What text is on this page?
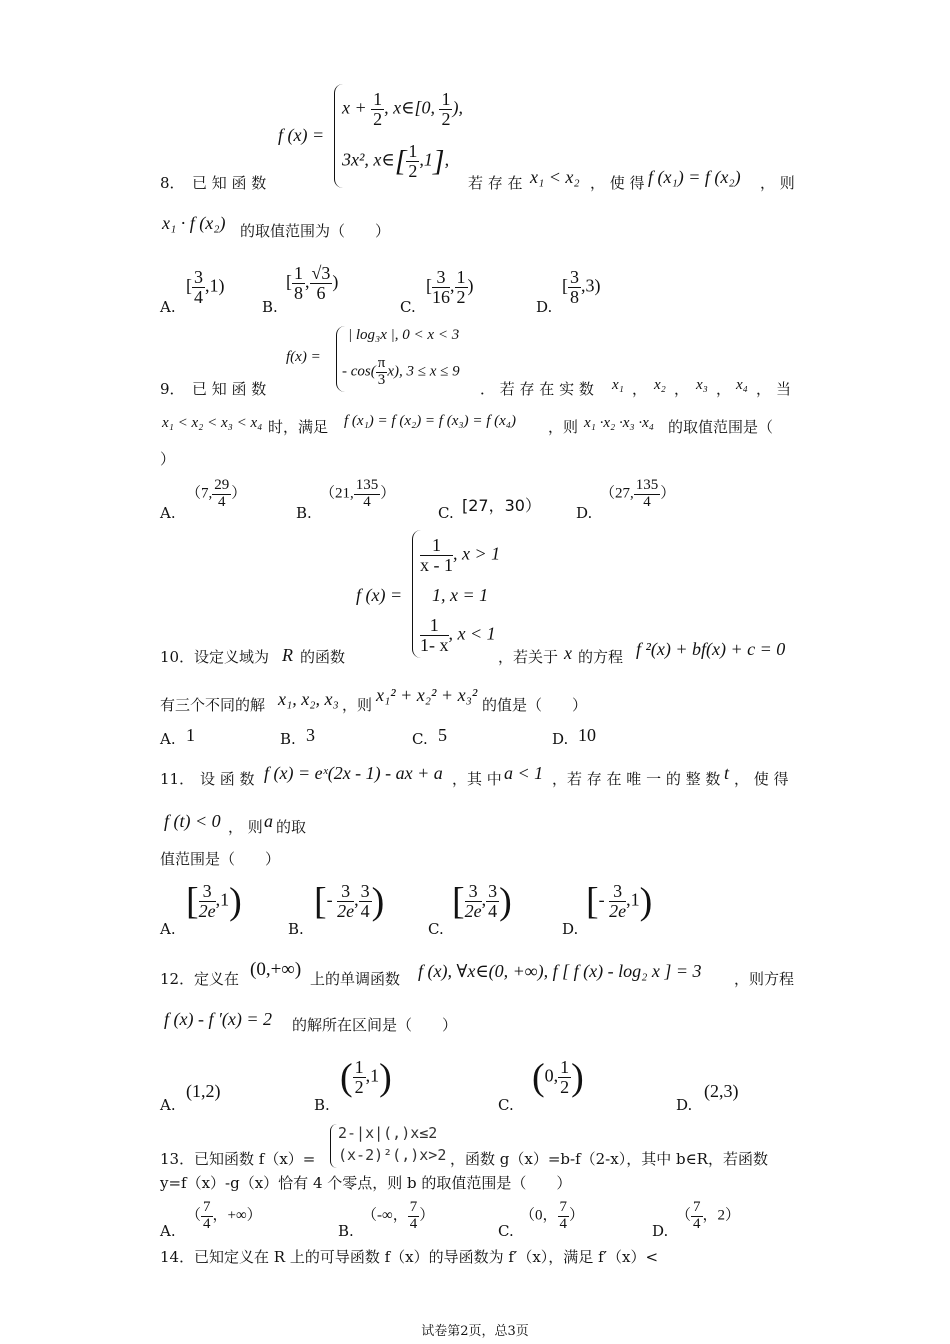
f (x) =
$x + \frac{1}{2}$ , x∈[0, $\frac{1}{2}$ ),
3x², x∈[ $\frac{1}{2} ,1$],
8． 已 知 函 数	若 存 在 x₁ < x₂ ， 使 得 f (x₁) = f (x₂) ， 则
x₁ · f (x₂) 的取值范围为（　　）
A.
[ $\frac{3}{4} ,1$)
B.
[ $\frac{1}{8}$ , $\frac{√3}{6}$ )
C.
[ $\frac{3}{16}$ , $\frac{1}{2}$ )
D.
[ $\frac{3}{8} ,3$)
f(x) =
| log₃x |, 0 < x < 3
- $\cos( \frac{\pi}{3} x)$, 3 ≤ x ≤ 9
9． 已 知 函 数	． 若 存 在 实 数 x₁ ， x₂ ， x₃ ， x₄ ， 当
x₁ < x₂ < x₃ < x₄ 时，满足 f (x₁) = f (x₂) = f (x₃) = f (x₄) ，则 x₁ ·x₂ ·x₃ ·x₄ 的取值范围是（
）
A.
（7, $\frac{29}{4}$ ）
B.
（21, $\frac{135}{4}$ ）
C. [27，30） D.
（27, $\frac{135}{4}$ ）
f (x) =
$\frac{1}{x - 1}$ , x > 1
1, x = 1
$\frac{1}{1- x}$ , x < 1
10． 设定义域为 R 的函数	，若关于 x 的方程 f ²(x) + bf(x) + c = 0
有三个不同的解 x₁, x₂, x₃ ，则 x₁² + x₂² + x₃² 的值是（　　）
A. 1	B. 3	C. 5	D. 10
11． 设 函 数 f (x) = eˣ(2x - 1) - ax + a ，其 中 a < 1 ，若 存 在 唯 一 的 整 数 t ， 使 得
f (t) < 0 ， 则 a 的取
值范围是（　　）
A.
[ $\frac{3}{2e} ,1$)
B.
[- $\frac{3}{2e}$ , $\frac{3}{4}$ )
C.
[ $\frac{3}{2e}$ , $\frac{3}{4}$ )
D.
[- $\frac{3}{2e} ,1$)
12． 定义在 (0,+∞) 上的单调函数 f (x), ∀x∈(0, +∞), f [ f (x) - log₂ x ] = 3 ，则方程
f (x) - f ′(x) = 2 的解所在区间是（　　）
A.
(1,2)
B.
( $\frac{1}{2} ,1$)
C.
(0, $\frac{1}{2}$ )
D.
(2,3)
2-|x|(,)x≤2
(x-2)²(,)x>2
13． 已知函数 f（x）=	，函数 g（x）=b-f（2-x），其中 b∈R，若函数
y=f（x）-g（x）恰有 4 个零点，则 b 的取值范围是（　　）
A.
（ $\frac{7}{4}$ ，+∞）
B.
（-∞， $\frac{7}{4}$ ）
C.
（0， $\frac{7}{4}$ ）
D.
（ $\frac{7}{4}$ ，2）
14． 已知定义在 R 上的可导函数 f（x）的导函数为 f′（x），满足 f′（x）<
试卷第2页，总3页
